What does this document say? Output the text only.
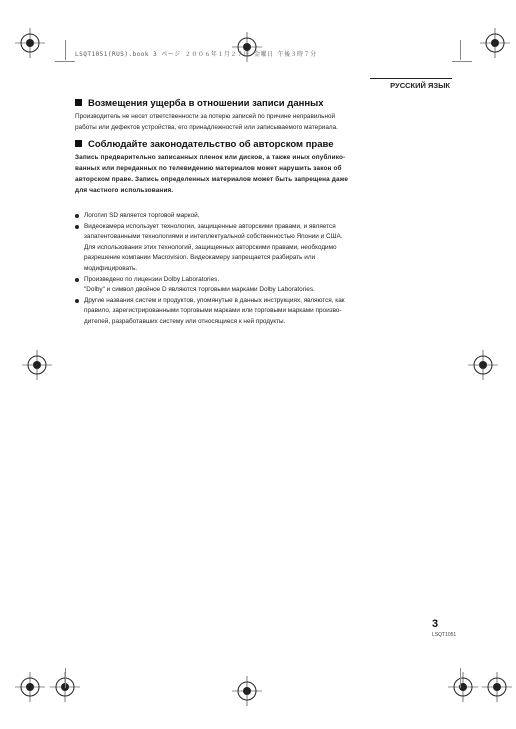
LSQT1051(RUS).book 3 ページ ２００６年１月２７日 金曜日 午後３時７分
РУССКИЙ ЯЗЫК
Возмещения ущерба в отношении записи данных
Производитель не несет ответственности за потерю записей по причине неправильной
работы или дефектов устройства, его принадлежностей или записываемого материала.
Соблюдайте законодательство об авторском праве
Запись предварительно записанных пленок или дисков, а также иных опублико-
ванных или переданных по телевидению материалов может нарушить закон об
авторском праве. Запись определенных материалов может быть запрещена даже
для частного использования.
Логотип SD является торговой маркой.
Видеокамера использует технологии, защищенные авторскими правами, и является
запатентованными технологиями и интеллектуальной собственностью Японии и США.
Для использования этих технологий, защищенных авторскими правами, необходимо
разрешение компании Macrovision. Видеокамеру запрещается разбирать или
модифицировать.
Произведено по лицензии Dolby Laboratories.
"Dolby" и символ двойное D являются торговыми марками Dolby Laboratories.
Другие названия систем и продуктов, упомянутые в данных инструкциях, являются, как
правило, зарегистрированными торговыми марками или торговыми марками произво-
дителей, разработавших систему или относящиеся к ней продукты.
3
LSQT1051
